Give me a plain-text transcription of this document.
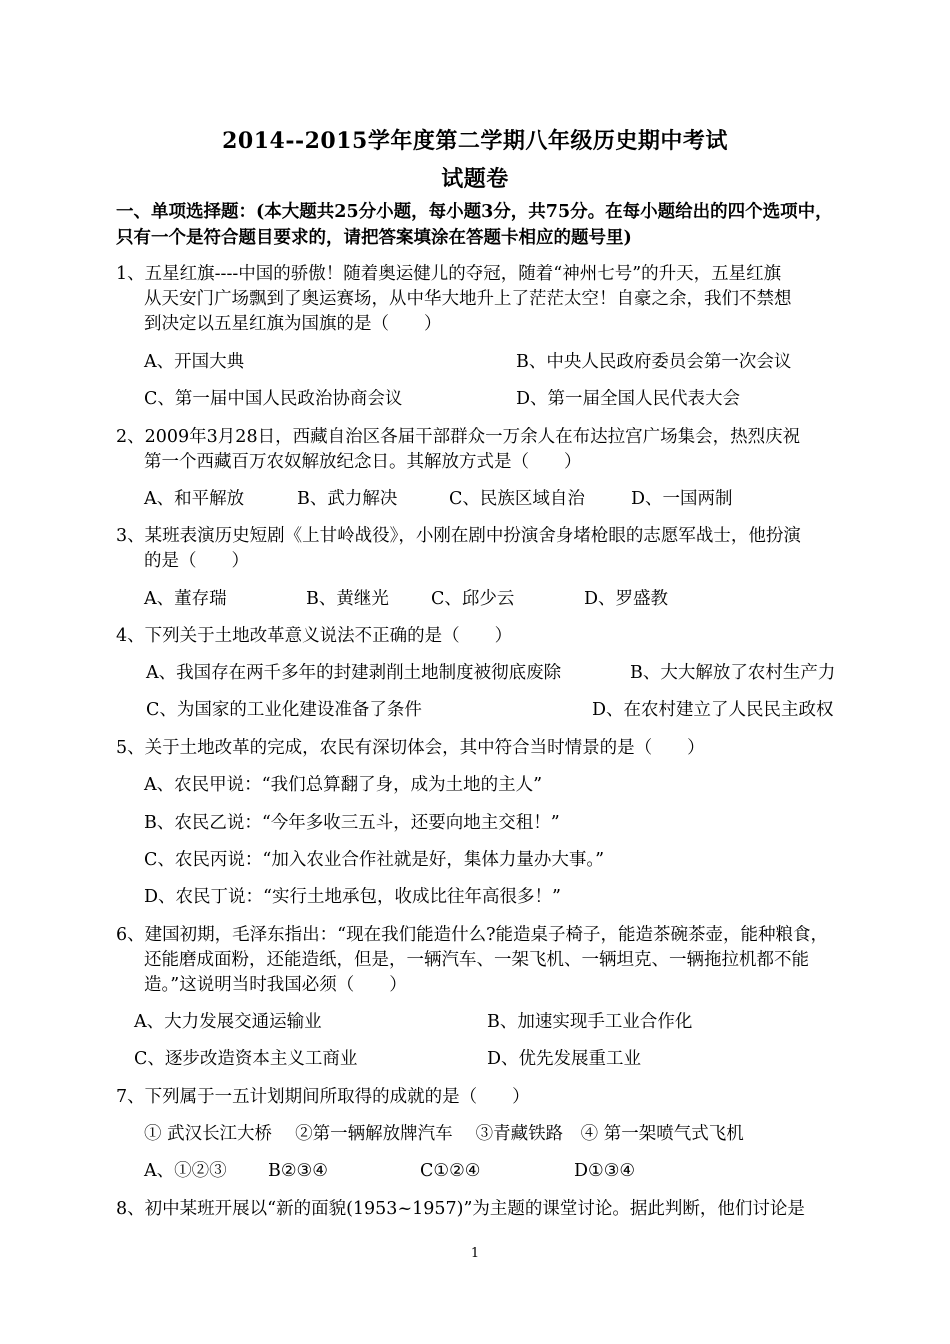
2014--2015学年度第二学期八年级历史期中考试
试题卷
一、单项选择题：(本大题共25分小题，每小题3分，共75分。在每小题给出的四个选项中，
只有一个是符合题目要求的，请把答案填涂在答题卡相应的题号里)
1、五星红旗----中国的骄傲！随着奥运健儿的夺冠，随着“神州七号”的升天，五星红旗
从天安门广场飘到了奥运赛场，从中华大地升上了茫茫太空！自豪之余，我们不禁想
到决定以五星红旗为国旗的是（　　）
A、开国大典	B、中央人民政府委员会第一次会议
C、第一届中国人民政治协商会议	D、第一届全国人民代表大会
2、2009年3月28日，西藏自治区各届干部群众一万余人在布达拉宫广场集会，热烈庆祝
第一个西藏百万农奴解放纪念日。其解放方式是（　　）
A、和平解放	B、武力解决	C、民族区域自治	D、一国两制
3、某班表演历史短剧《上甘岭战役》，小刚在剧中扮演舍身堵枪眼的志愿军战士，他扮演
的是（　　）
A、董存瑞	B、黄继光 C、邱少云	D、罗盛教
4、下列关于土地改革意义说法不正确的是（　　）
A、我国存在两千多年的封建剥削土地制度被彻底废除	B、大大解放了农村生产力
C、为国家的工业化建设准备了条件	D、在农村建立了人民民主政权
5、关于土地改革的完成，农民有深切体会，其中符合当时情景的是（　　）
A、农民甲说：“我们总算翻了身，成为土地的主人”
B、农民乙说：“今年多收三五斗，还要向地主交租！”
C、农民丙说：“加入农业合作社就是好，集体力量办大事。”
D、农民丁说：“实行土地承包，收成比往年高很多！”
6、建国初期，毛泽东指出：“现在我们能造什么?能造桌子椅子，能造茶碗茶壶，能种粮食，
还能磨成面粉，还能造纸，但是，一辆汽车、一架飞机、一辆坦克、一辆拖拉机都不能
造。”这说明当时我国必须（　　）
A、大力发展交通运输业	B、加速实现手工业合作化
C、逐步改造资本主义工商业	D、优先发展重工业
7、下列属于一五计划期间所取得的成就的是（　　）
① 武汉长江大桥　 ②第一辆解放牌汽车　 ③青藏铁路　④ 第一架喷气式飞机
A、①②③ B②③④	C①②④	D①③④
8、初中某班开展以“新的面貌(1953~1957)”为主题的课堂讨论。据此判断，他们讨论是
1
